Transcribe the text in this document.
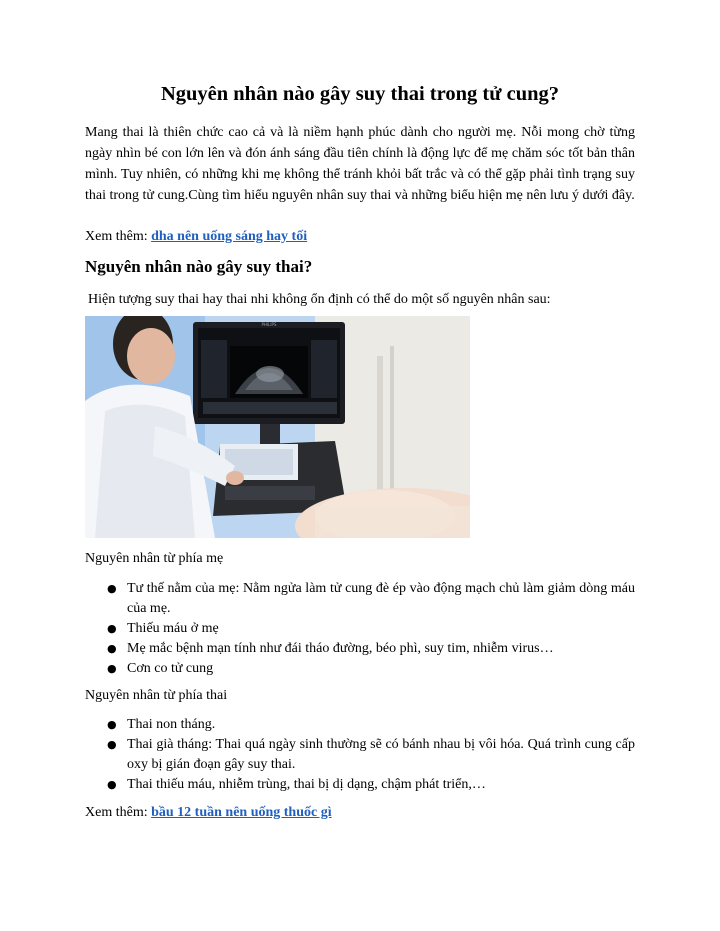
Nguyên nhân nào gây suy thai trong tử cung?

Mang thai là thiên chức cao cả và là niềm hạnh phúc dành cho người mẹ. Nỗi mong chờ từng ngày nhìn bé con lớn lên và đón ánh sáng đầu tiên chính là động lực để mẹ chăm sóc tốt bản thân mình. Tuy nhiên, có những khi mẹ không thể tránh khỏi bất trắc và có thể gặp phải tình trạng suy thai trong tử cung.Cùng tìm hiểu nguyên nhân suy thai và những biểu hiện mẹ nên lưu ý dưới đây.

Xem thêm: dha nên uống sáng hay tối

Nguyên nhân nào gây suy thai?

Hiện tượng suy thai hay thai nhi không ổn định có thể do một số nguyên nhân sau:

PHILIPS

Nguyên nhân từ phía mẹ

● Tư thế nằm của mẹ: Nằm ngửa làm tử cung đè ép vào động mạch chủ làm giảm dòng máu của mẹ.
● Thiếu máu ở mẹ
● Mẹ mắc bệnh mạn tính như đái tháo đường, béo phì, suy tim, nhiễm virus…
● Cơn co tử cung

Nguyên nhân từ phía thai

● Thai non tháng.
● Thai già tháng: Thai quá ngày sinh thường sẽ có bánh nhau bị vôi hóa. Quá trình cung cấp oxy bị gián đoạn gây suy thai.
● Thai thiếu máu, nhiễm trùng, thai bị dị dạng, chậm phát triển,…

Xem thêm: bầu 12 tuần nên uống thuốc gì
